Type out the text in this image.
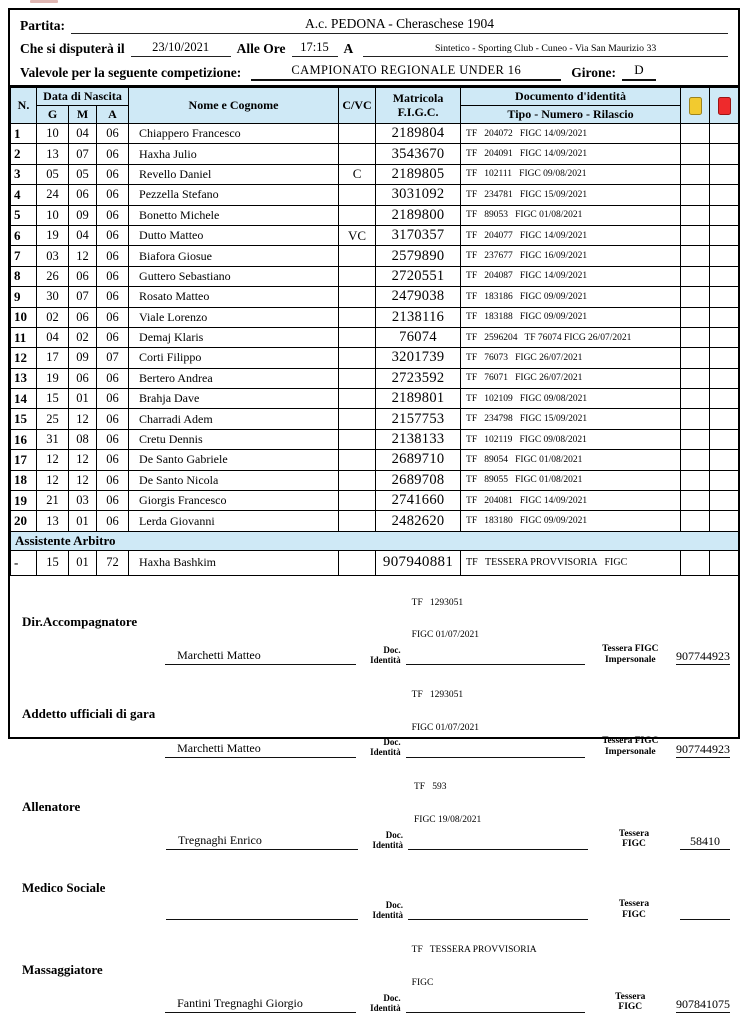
Partita:	A.c. PEDONA - Cheraschese 1904
Che si disputerà il	23/10/2021	Alle Ore	17:15	A	Sintetico - Sporting Club - Cuneo - Via San Maurizio 33
Valevole per la seguente competizione:	CAMPIONATO REGIONALE UNDER 16	Girone:	D
N.	Data di Nascita			Nome e Cognome	C/VC	Matricola
F.I.G.C.	Documento d'identità		
	G	M	A				Tipo - Numero - Rilascio		
1	10	04	06	Chiappero Francesco		2189804	TF   204072   FIGC 14/09/2021		
2	13	07	06	Haxha Julio		3543670	TF   204091   FIGC 14/09/2021		
3	05	05	06	Revello Daniel	C	2189805	TF   102111   FIGC 09/08/2021		
4	24	06	06	Pezzella Stefano		3031092	TF   234781   FIGC 15/09/2021		
5	10	09	06	Bonetto Michele		2189800	TF   89053   FIGC 01/08/2021		
6	19	04	06	Dutto Matteo	VC	3170357	TF   204077   FIGC 14/09/2021		
7	03	12	06	Biafora Giosue		2579890	TF   237677   FIGC 16/09/2021		
8	26	06	06	Guttero Sebastiano		2720551	TF   204087   FIGC 14/09/2021		
9	30	07	06	Rosato Matteo		2479038	TF   183186   FIGC 09/09/2021		
10	02	06	06	Viale Lorenzo		2138116	TF   183188   FIGC 09/09/2021		
11	04	02	06	Demaj Klaris		76074	TF   2596204   TF 76074 FICG 26/07/2021		
12	17	09	07	Corti Filippo		3201739	TF   76073   FIGC 26/07/2021		
13	19	06	06	Bertero Andrea		2723592	TF   76071   FIGC 26/07/2021		
14	15	01	06	Brahja Dave		2189801	TF   102109   FIGC 09/08/2021		
15	25	12	06	Charradi Adem		2157753	TF   234798   FIGC 15/09/2021		
16	31	08	06	Cretu Dennis		2138133	TF   102119   FIGC 09/08/2021		
17	12	12	06	De Santo Gabriele		2689710	TF   89054   FIGC 01/08/2021		
18	12	12	06	De Santo Nicola		2689708	TF   89055   FIGC 01/08/2021		
19	21	03	06	Giorgis Francesco		2741660	TF   204081   FIGC 14/09/2021		
20	13	01	06	Lerda Giovanni		2482620	TF   183180   FIGC 09/09/2021		
Assistente Arbitro									
-	15	01	72	Haxha Bashkim		907940881	TF   TESSERA PROVVISORIA   FIGC		
Dir.Accompagnatore
Marchetti Matteo	Doc.
Identità

TF   1293051

FIGC 01/07/2021

Tessera FIGC
Impersonale	907744923
Addetto ufficiali di gara
Marchetti Matteo	Doc.
Identità

TF   1293051

FIGC 01/07/2021

Tessera FIGC
Impersonale	907744923
Allenatore
Tregnaghi Enrico	Doc.
Identità

TF   593

FIGC 19/08/2021

Tessera
FIGC	58410
Medico Sociale
Doc.
Identità

Tessera
FIGC
Massaggiatore
Fantini Tregnaghi Giorgio	Doc.
Identità

TF   TESSERA PROVVISORIA

FIGC

Tessera
FIGC	907841075
